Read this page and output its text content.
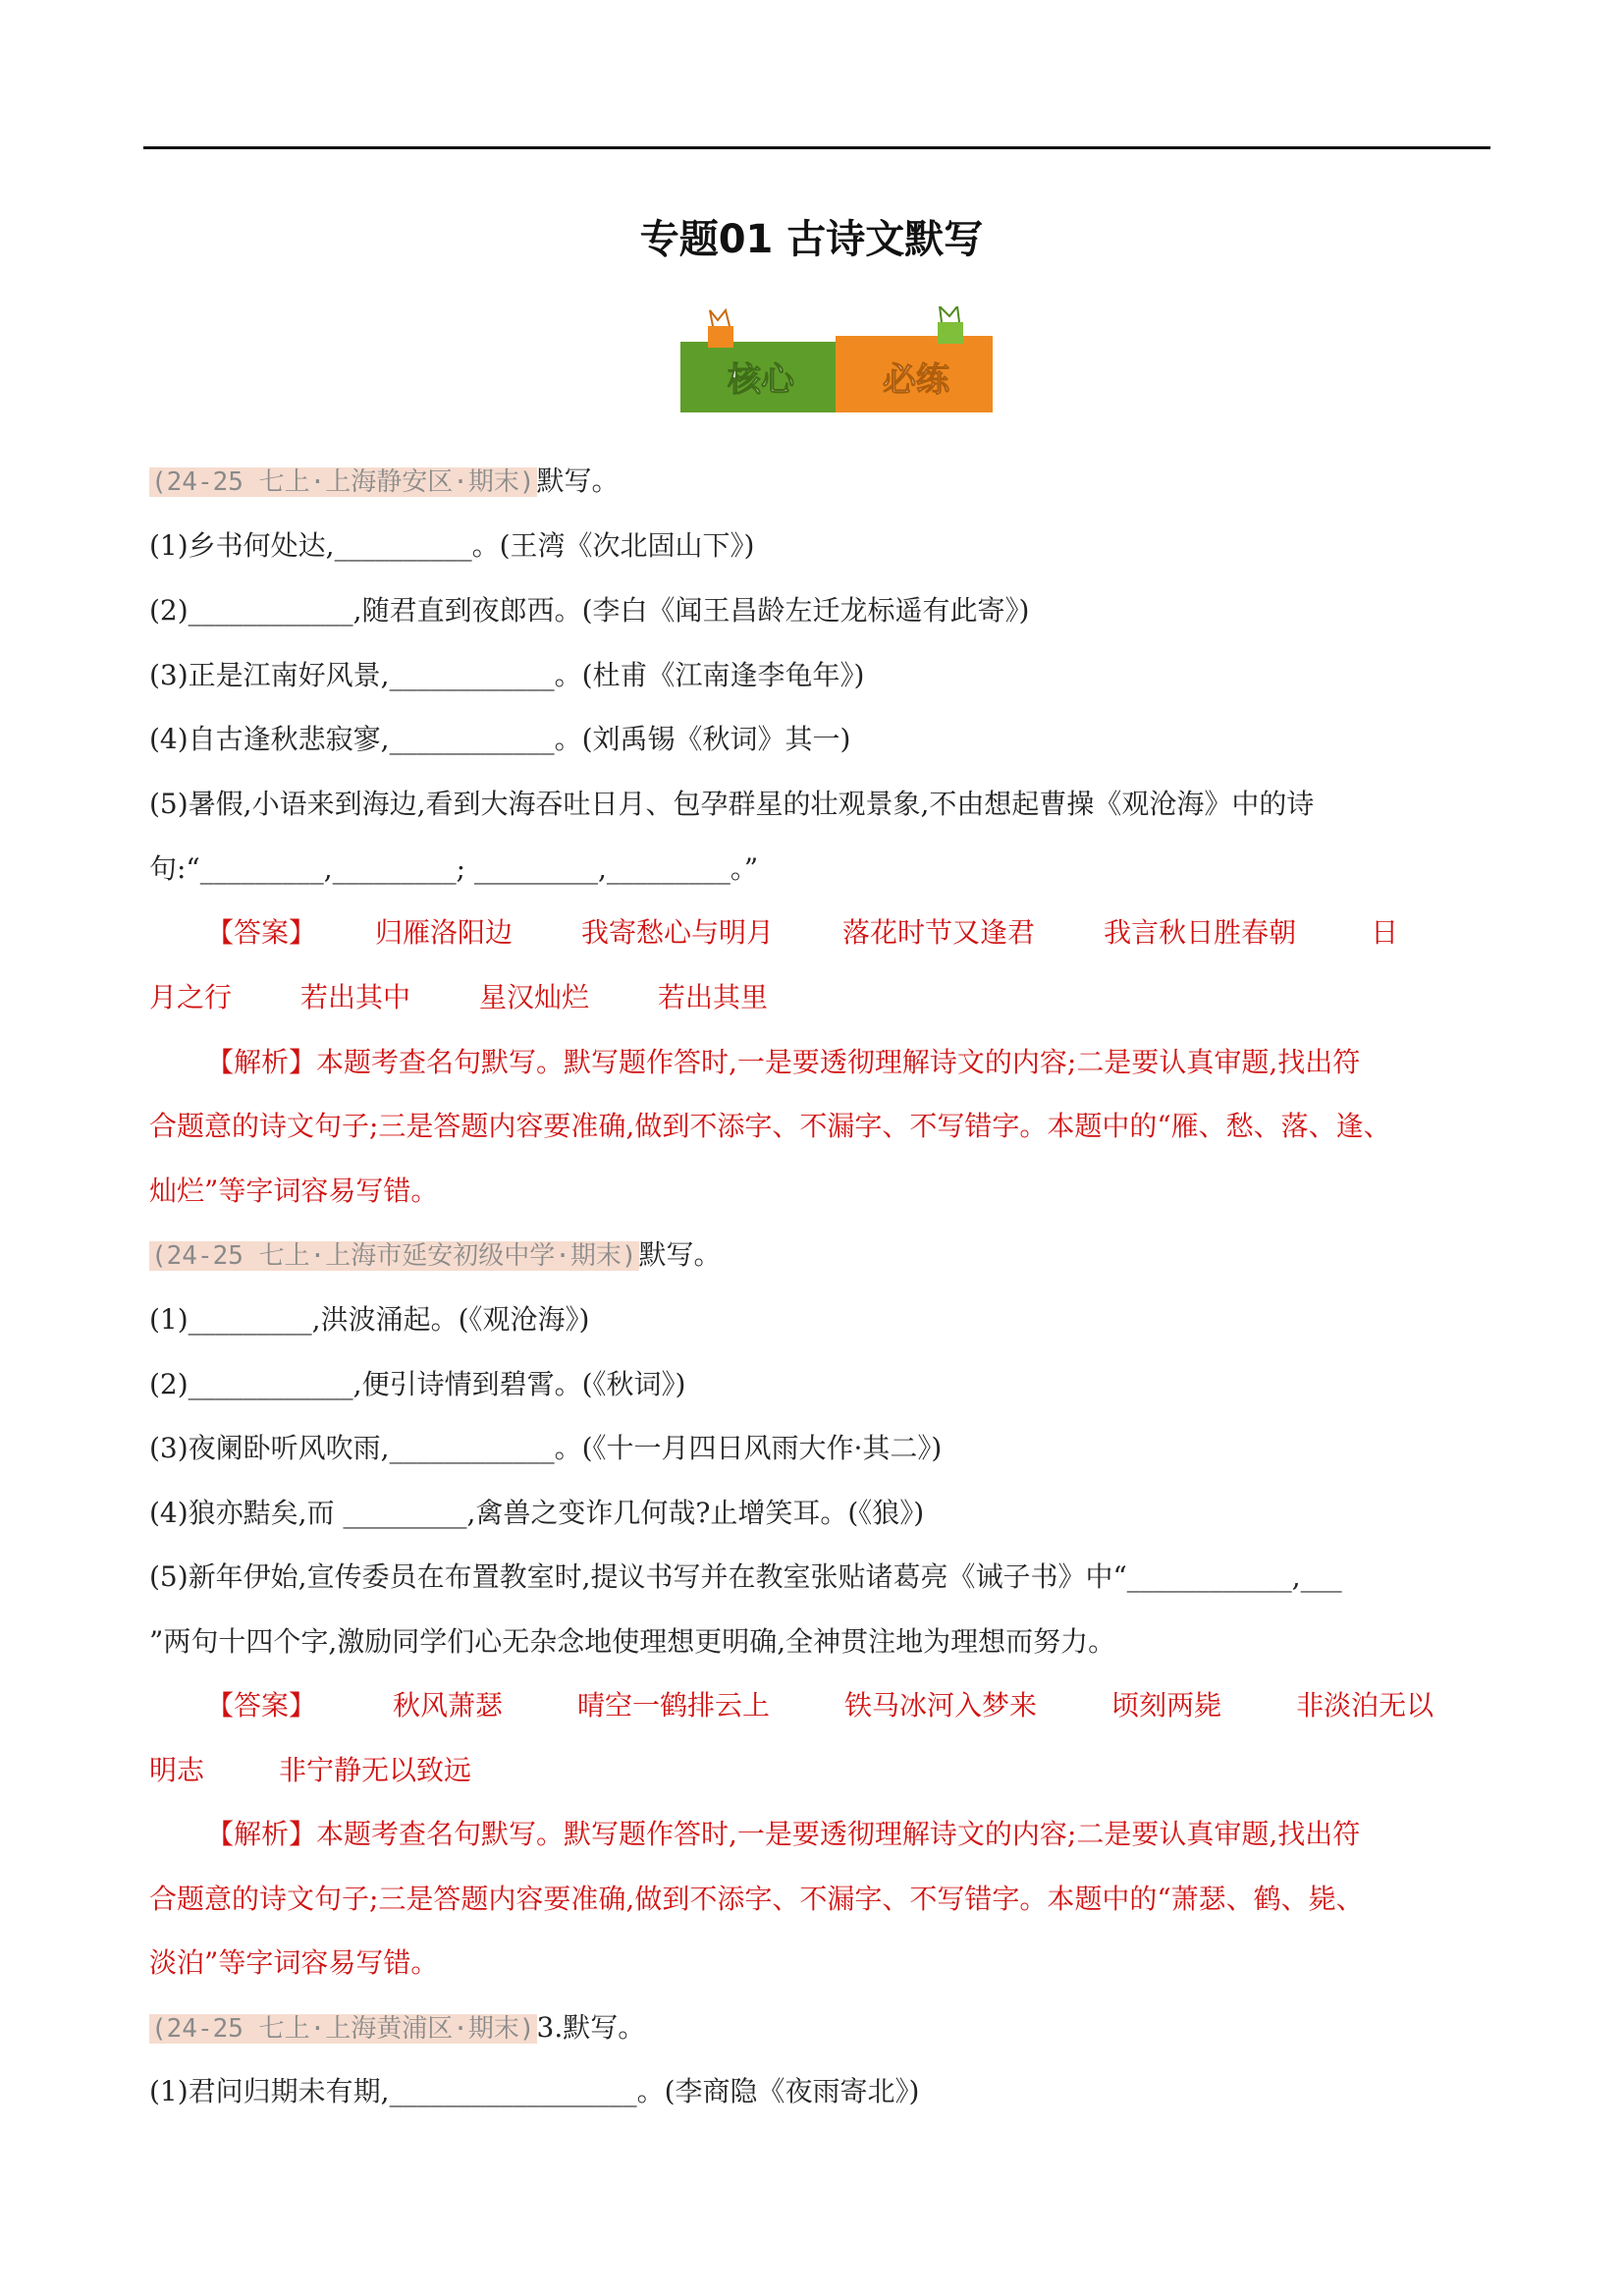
专题01 古诗文默写
核心	必练
(24-25 七上·上海静安区·期末)默写。
(1)乡书何处达,__________。(王湾《次北固山下》)
(2)____________,随君直到夜郎西。(李白《闻王昌龄左迁龙标遥有此寄》)
(3)正是江南好风景,____________。(杜甫《江南逢李龟年》)
(4)自古逢秋悲寂寥,____________。(刘禹锡《秋词》其一)
(5)暑假,小语来到海边,看到大海吞吐日月、包孕群星的壮观景象,不由想起曹操《观沧海》中的诗
句:“_________,_________; _________,_________。”
【答案】 归雁洛阳边	我寄愁心与明月	落花时节又逢君	我言秋日胜春朝	日
月之行	若出其中	星汉灿烂	若出其里
【解析】本题考查名句默写。默写题作答时,一是要透彻理解诗文的内容;二是要认真审题,找出符
合题意的诗文句子;三是答题内容要准确,做到不添字、不漏字、不写错字。本题中的“雁、愁、落、逢、
灿烂”等字词容易写错。
(24-25 七上·上海市延安初级中学·期末)默写。
(1)_________,洪波涌起。(《观沧海》)
(2)____________,便引诗情到碧霄。(《秋词》)
(3)夜阑卧听风吹雨,____________。(《十一月四日风雨大作·其二》)
(4)狼亦黠矣,而 _________,禽兽之变诈几何哉?止增笑耳。(《狼》)
(5)新年伊始,宣传委员在布置教室时,提议书写并在教室张贴诸葛亮《诫子书》中“____________,___
”两句十四个字,激励同学们心无杂念地使理想更明确,全神贯注地为理想而努力。
【答案】	秋风萧瑟	晴空一鹤排云上	铁马冰河入梦来	顷刻两毙	非淡泊无以
明志	非宁静无以致远
【解析】本题考查名句默写。默写题作答时,一是要透彻理解诗文的内容;二是要认真审题,找出符
合题意的诗文句子;三是答题内容要准确,做到不添字、不漏字、不写错字。本题中的“萧瑟、鹤、毙、
淡泊”等字词容易写错。
(24-25 七上·上海黄浦区·期末)3.默写。
(1)君问归期未有期,__________________。(李商隐《夜雨寄北》)
